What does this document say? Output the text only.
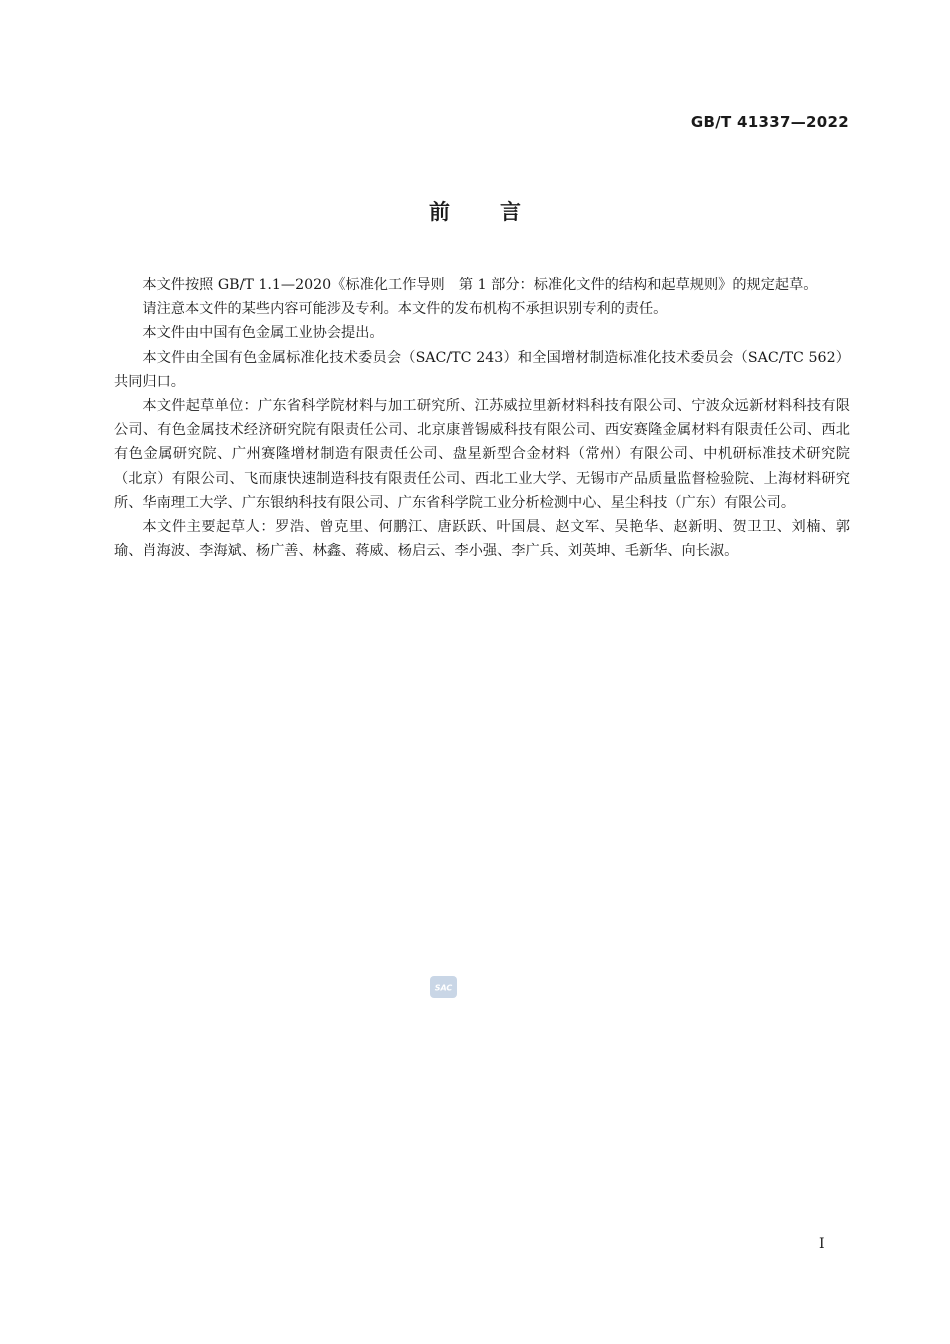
GB/T 41337—2022
前言

本文件按照 GB/T 1.1—2020《标准化工作导则　第 1 部分：标准化文件的结构和起草规则》的规定起草。

请注意本文件的某些内容可能涉及专利。本文件的发布机构不承担识别专利的责任。

本文件由中国有色金属工业协会提出。

本文件由全国有色金属标准化技术委员会（SAC/TC 243）和全国增材制造标准化技术委员会（SAC/TC 562）共同归口。

本文件起草单位：广东省科学院材料与加工研究所、江苏威拉里新材料科技有限公司、宁波众远新材料科技有限公司、有色金属技术经济研究院有限责任公司、北京康普锡威科技有限公司、西安赛隆金属材料有限责任公司、西北有色金属研究院、广州赛隆增材制造有限责任公司、盘星新型合金材料（常州）有限公司、中机研标准技术研究院（北京）有限公司、飞而康快速制造科技有限责任公司、西北工业大学、无锡市产品质量监督检验院、上海材料研究所、华南理工大学、广东银纳科技有限公司、广东省科学院工业分析检测中心、星尘科技（广东）有限公司。

本文件主要起草人：罗浩、曾克里、何鹏江、唐跃跃、叶国晨、赵文军、吴艳华、赵新明、贺卫卫、刘楠、郭瑜、肖海波、李海斌、杨广善、林鑫、蒋威、杨启云、李小强、李广兵、刘英坤、毛新华、向长淑。

SAC
I
